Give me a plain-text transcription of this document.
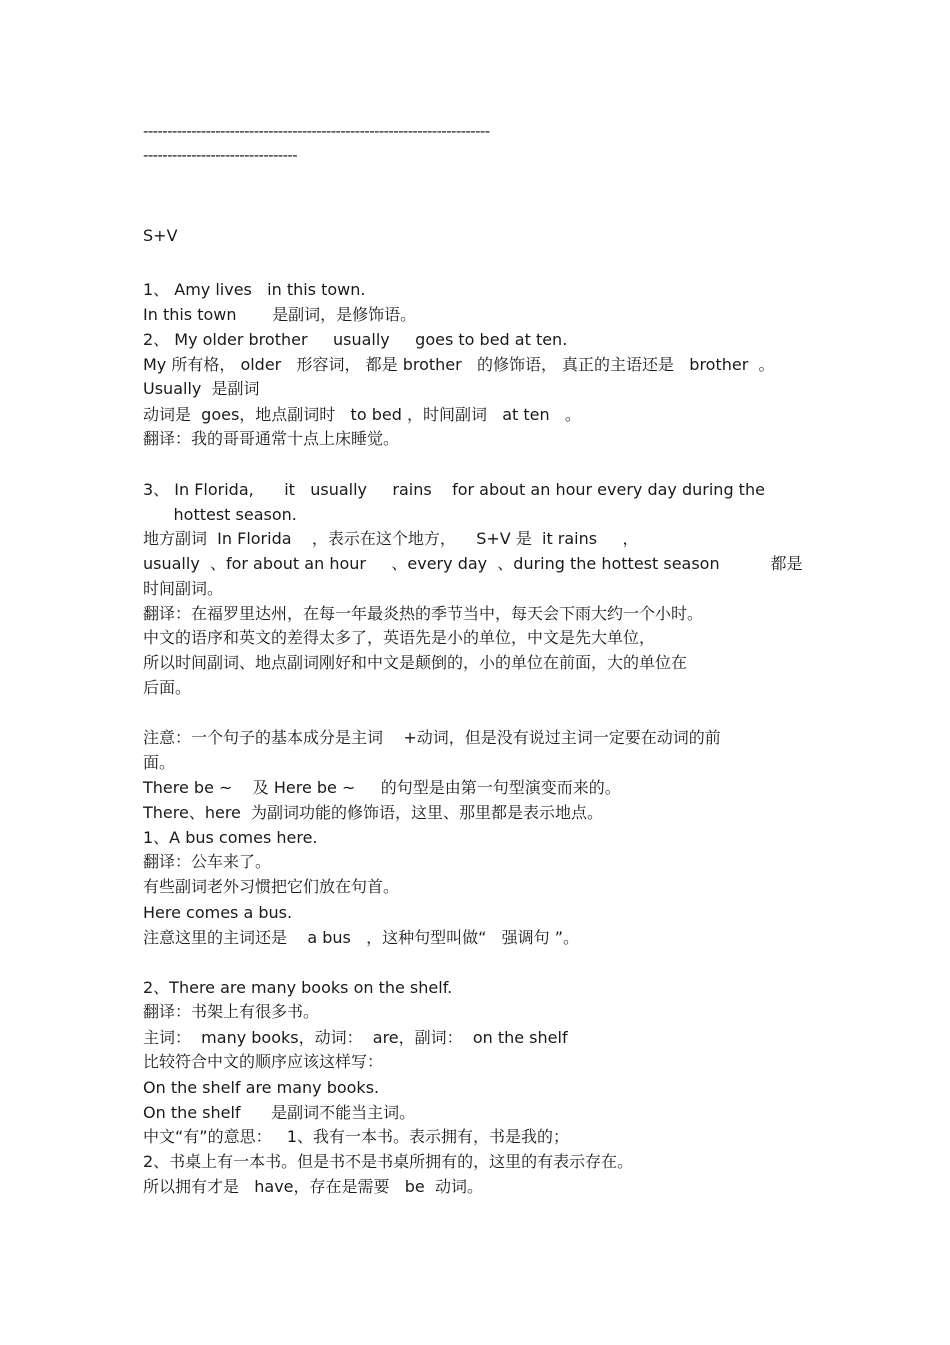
------------------------------------------------------------------------

--------------------------------

S+V

1、 Amy lives   in this town.

In this town       是副词，是修饰语。

2、 My older brother     usually     goes to bed at ten.

My 所有格， older   形容词， 都是 brother   的修饰语， 真正的主语还是   brother  。

Usually  是副词

动词是  goes，地点副词时   to bed ，时间副词   at ten   。

翻译：我的哥哥通常十点上床睡觉。

3、 In Florida,      it   usually     rains    for about an hour every day during the

hottest season.

地方副词  In Florida    ，表示在这个地方，    S+V 是  it rains     ，

usually  、for about an hour     、every day  、during the hottest season          都是

时间副词。

翻译：在福罗里达州，在每一年最炎热的季节当中，每天会下雨大约一个小时。

中文的语序和英文的差得太多了，英语先是小的单位，中文是先大单位，

所以时间副词、地点副词刚好和中文是颠倒的，小的单位在前面，大的单位在

后面。

注意：一个句子的基本成分是主词    +动词，但是没有说过主词一定要在动词的前

面。

There be ~    及 Here be ~     的句型是由第一句型演变而来的。

There、here  为副词功能的修饰语，这里、那里都是表示地点。

1、A bus comes here.

翻译：公车来了。

有些副词老外习惯把它们放在句首。

Here comes a bus.

注意这里的主词还是    a bus   ，这种句型叫做“   强调句 ”。

2、There are many books on the shelf.

翻译：书架上有很多书。

主词：  many books，动词：  are，副词：  on the shelf

比较符合中文的顺序应该这样写：

On the shelf are many books.

On the shelf      是副词不能当主词。

中文“有”的意思：   1、我有一本书。表示拥有，书是我的；

2、书桌上有一本书。但是书不是书桌所拥有的，这里的有表示存在。

所以拥有才是   have，存在是需要   be  动词。
